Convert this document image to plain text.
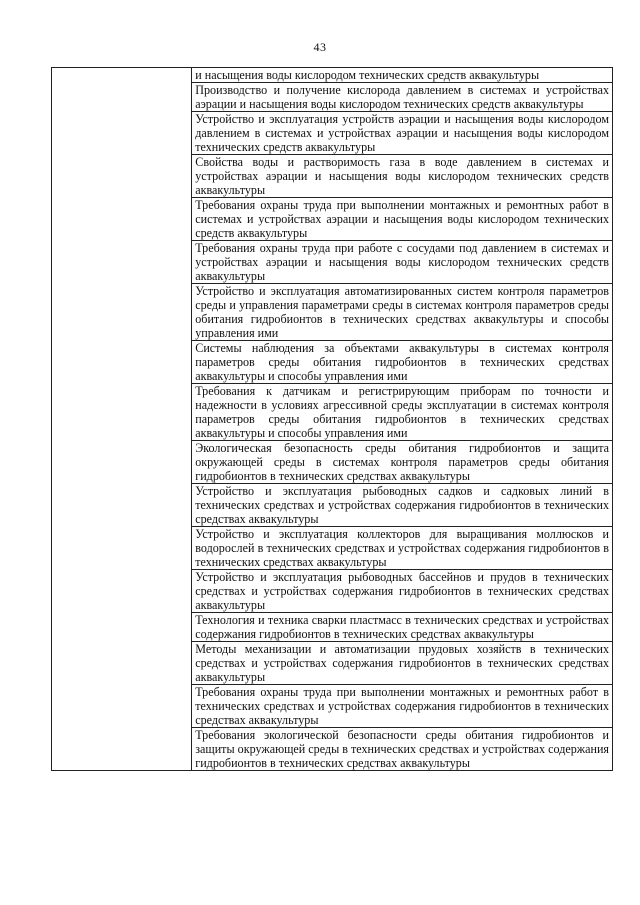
43

и насыщения воды кислородом технических средств аквакультуры

Производство и получение кислорода давлением в системах и устройствах аэрации и насыщения воды кислородом технических средств аквакультуры

Устройство и эксплуатация устройств аэрации и насыщения воды кислородом давлением в системах и устройствах аэрации и насыщения воды кислородом технических средств аквакультуры

Свойства воды и растворимость газа в воде давлением в системах и устройствах аэрации и насыщения воды кислородом технических средств аквакультуры

Требования охраны труда при выполнении монтажных и ремонтных работ в системах и устройствах аэрации и насыщения воды кислородом технических средств аквакультуры

Требования охраны труда при работе с сосудами под давлением в системах и устройствах аэрации и насыщения воды кислородом технических средств аквакультуры

Устройство и эксплуатация автоматизированных систем контроля параметров среды и управления параметрами среды в системах контроля параметров среды обитания гидробионтов в технических средствах аквакультуры и способы управления ими

Системы наблюдения за объектами аквакультуры в системах контроля параметров среды обитания гидробионтов в технических средствах аквакультуры и способы управления ими

Требования к датчикам и регистрирующим приборам по точности и надежности в условиях агрессивной среды эксплуатации в системах контроля параметров среды обитания гидробионтов в технических средствах аквакультуры и способы управления ими

Экологическая безопасность среды обитания гидробионтов и защита окружающей среды в системах контроля параметров среды обитания гидробионтов в технических средствах аквакультуры

Устройство и эксплуатация рыбоводных садков и садковых линий в технических средствах и устройствах содержания гидробионтов в технических средствах аквакультуры

Устройство и эксплуатация коллекторов для выращивания моллюсков и водорослей в технических средствах и устройствах содержания гидробионтов в технических средствах аквакультуры

Устройство и эксплуатация рыбоводных бассейнов и прудов в технических средствах и устройствах содержания гидробионтов в технических средствах аквакультуры

Технология и техника сварки пластмасс в технических средствах и устройствах содержания гидробионтов в технических средствах аквакультуры

Методы механизации и автоматизации прудовых хозяйств в технических средствах и устройствах содержания гидробионтов в технических средствах аквакультуры

Требования охраны труда при выполнении монтажных и ремонтных работ в технических средствах и устройствах содержания гидробионтов в технических средствах аквакультуры

Требования экологической безопасности среды обитания гидробионтов и защиты окружающей среды в технических средствах и устройствах содержания гидробионтов в технических средствах аквакультуры
